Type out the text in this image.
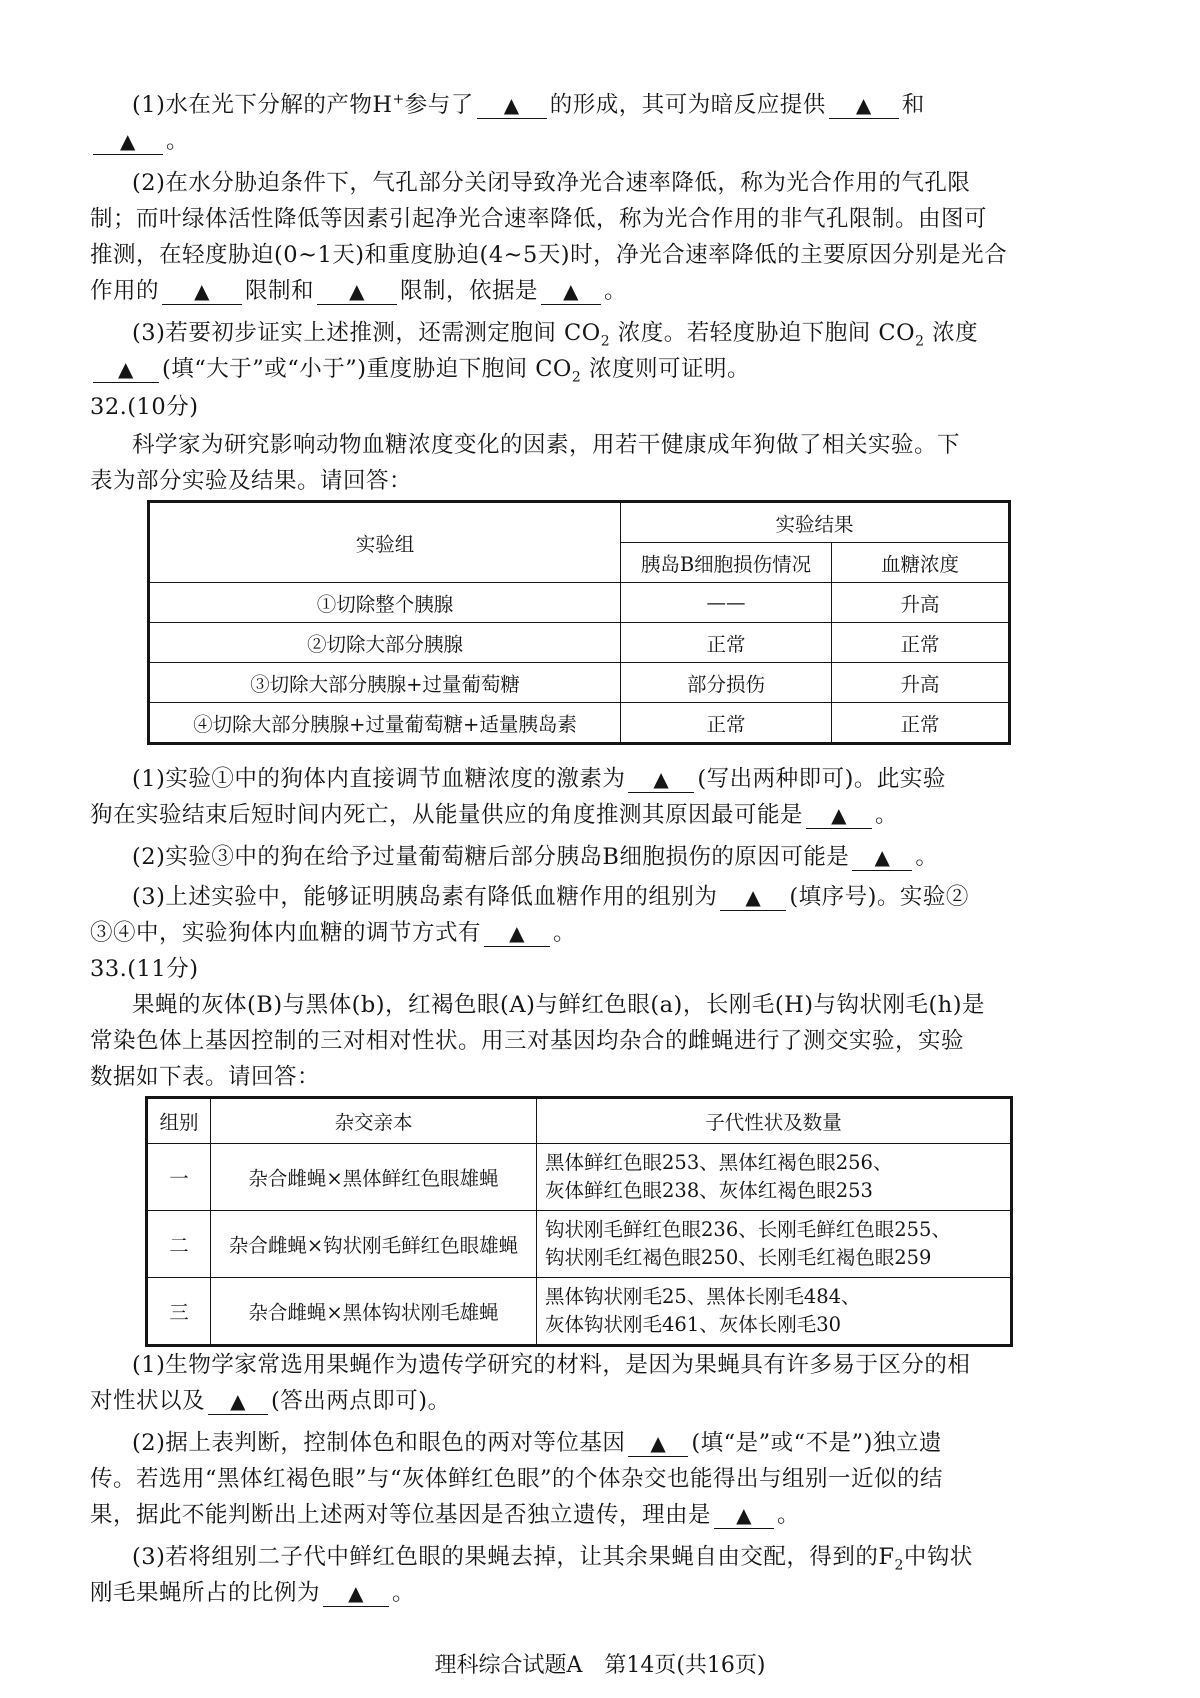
(1)水在光下分解的产物H+参与了 ▲ 的形成，其可为暗反应提供 ▲ 和
▲ 。
(2)在水分胁迫条件下，气孔部分关闭导致净光合速率降低，称为光合作用的气孔限
制；而叶绿体活性降低等因素引起净光合速率降低，称为光合作用的非气孔限制。由图可
推测，在轻度胁迫(0~1天)和重度胁迫(4~5天)时，净光合速率降低的主要原因分别是光合
作用的 ▲ 限制和 ▲ 限制，依据是 ▲ 。
(3)若要初步证实上述推测，还需测定胞间 $CO_2$ 浓度。若轻度胁迫下胞间 $CO_2$ 浓度
▲ (填“大于”或“小于”)重度胁迫下胞间 $CO_2$ 浓度则可证明。
32.(10分)
科学家为研究影响动物血糖浓度变化的因素，用若干健康成年狗做了相关实验。下
表为部分实验及结果。请回答：
实验组	实验结果	
	胰岛B细胞损伤情况	血糖浓度
①切除整个胰腺	——	升高
②切除大部分胰腺	正常	正常
③切除大部分胰腺+过量葡萄糖	部分损伤	升高
④切除大部分胰腺+过量葡萄糖+适量胰岛素	正常	正常
(1)实验①中的狗体内直接调节血糖浓度的激素为 ▲ (写出两种即可)。此实验
狗在实验结束后短时间内死亡，从能量供应的角度推测其原因最可能是 ▲ 。
(2)实验③中的狗在给予过量葡萄糖后部分胰岛B细胞损伤的原因可能是 ▲ 。
(3)上述实验中，能够证明胰岛素有降低血糖作用的组别为 ▲ (填序号)。实验②
③④中，实验狗体内血糖的调节方式有 ▲ 。
33.(11分)
果蝇的灰体(B)与黑体(b)，红褐色眼(A)与鲜红色眼(a)，长刚毛(H)与钩状刚毛(h)是
常染色体上基因控制的三对相对性状。用三对基因均杂合的雌蝇进行了测交实验，实验
数据如下表。请回答：
组别	杂交亲本	子代性状及数量
一	杂合雌蝇×黑体鲜红色眼雄蝇	黑体鲜红色眼253、黑体红褐色眼256、
灰体鲜红色眼238、灰体红褐色眼253

二	杂合雌蝇×钩状刚毛鲜红色眼雄蝇	钩状刚毛鲜红色眼236、长刚毛鲜红色眼255、
钩状刚毛红褐色眼250、长刚毛红褐色眼259

三	杂合雌蝇×黑体钩状刚毛雄蝇	黑体钩状刚毛25、黑体长刚毛484、
灰体钩状刚毛461、灰体长刚毛30
(1)生物学家常选用果蝇作为遗传学研究的材料，是因为果蝇具有许多易于区分的相
对性状以及 ▲ (答出两点即可)。
(2)据上表判断，控制体色和眼色的两对等位基因 ▲ (填“是”或“不是”)独立遗
传。若选用“黑体红褐色眼”与“灰体鲜红色眼”的个体杂交也能得出与组别一近似的结
果，据此不能判断出上述两对等位基因是否独立遗传，理由是 ▲ 。
(3)若将组别二子代中鲜红色眼的果蝇去掉，让其余果蝇自由交配，得到的$F_2$中钩状
刚毛果蝇所占的比例为 ▲ 。
理科综合试题A　第14页(共16页)
